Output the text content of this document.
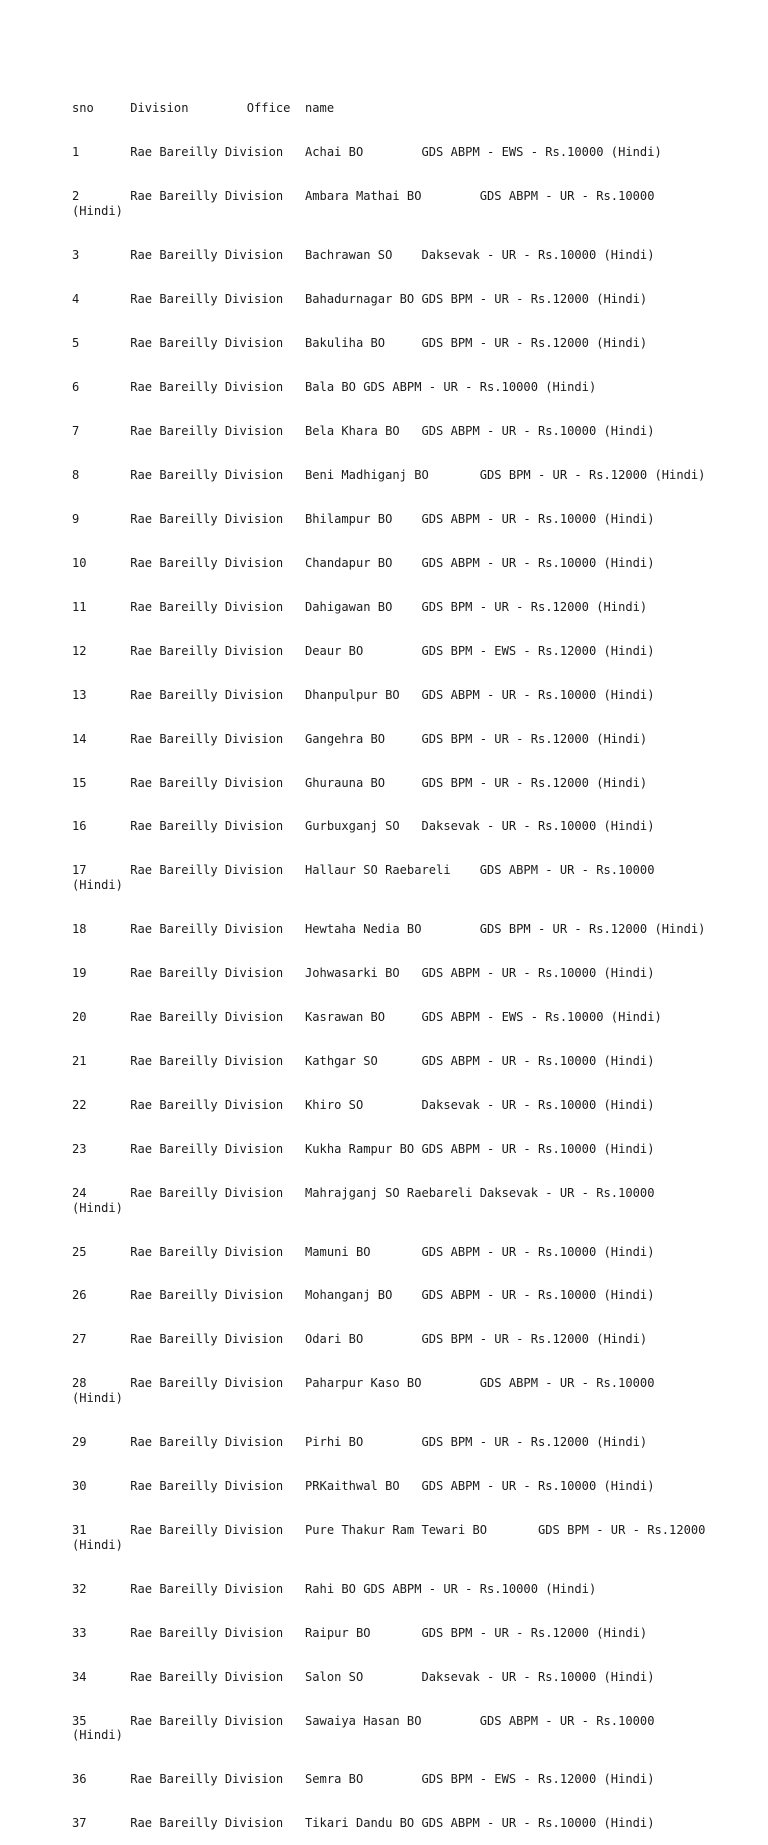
sno	Division	Office	name

1	Rae Bareilly Division	Achai BO	GDS ABPM - EWS - Rs.10000 (Hindi)

2	Rae Bareilly Division	Ambara Mathai BO	GDS ABPM - UR - Rs.10000 (Hindi)

3	Rae Bareilly Division	Bachrawan SO	Daksevak - UR - Rs.10000 (Hindi)

4	Rae Bareilly Division	Bahadurnagar BO	GDS BPM - UR - Rs.12000 (Hindi)

5	Rae Bareilly Division	Bakuliha BO	GDS BPM - UR - Rs.12000 (Hindi)

6	Rae Bareilly Division	Bala BO	GDS ABPM - UR - Rs.10000 (Hindi)

7	Rae Bareilly Division	Bela Khara BO	GDS ABPM - UR - Rs.10000 (Hindi)

8	Rae Bareilly Division	Beni Madhiganj BO	GDS BPM - UR - Rs.12000 (Hindi)

9	Rae Bareilly Division	Bhilampur BO	GDS ABPM - UR - Rs.10000 (Hindi)

10	Rae Bareilly Division	Chandapur BO	GDS ABPM - UR - Rs.10000 (Hindi)

11	Rae Bareilly Division	Dahigawan BO	GDS BPM - UR - Rs.12000 (Hindi)

12	Rae Bareilly Division	Deaur BO	GDS BPM - EWS - Rs.12000 (Hindi)

13	Rae Bareilly Division	Dhanpulpur BO	GDS ABPM - UR - Rs.10000 (Hindi)

14	Rae Bareilly Division	Gangehra BO	GDS BPM - UR - Rs.12000 (Hindi)

15	Rae Bareilly Division	Ghurauna BO	GDS BPM - UR - Rs.12000 (Hindi)

16	Rae Bareilly Division	Gurbuxganj SO	Daksevak - UR - Rs.10000 (Hindi)

17	Rae Bareilly Division	Hallaur SO Raebareli	GDS ABPM - UR - Rs.10000 (Hindi)

18	Rae Bareilly Division	Hewtaha Nedia BO	GDS BPM - UR - Rs.12000 (Hindi)

19	Rae Bareilly Division	Johwasarki BO	GDS ABPM - UR - Rs.10000 (Hindi)

20	Rae Bareilly Division	Kasrawan BO	GDS ABPM - EWS - Rs.10000 (Hindi)

21	Rae Bareilly Division	Kathgar SO	GDS ABPM - UR - Rs.10000 (Hindi)

22	Rae Bareilly Division	Khiro SO	Daksevak - UR - Rs.10000 (Hindi)

23	Rae Bareilly Division	Kukha Rampur BO	GDS ABPM - UR - Rs.10000 (Hindi)

24	Rae Bareilly Division	Mahrajganj SO Raebareli	Daksevak - UR - Rs.10000 (Hindi)

25	Rae Bareilly Division	Mamuni BO	GDS ABPM - UR - Rs.10000 (Hindi)

26	Rae Bareilly Division	Mohanganj BO	GDS ABPM - UR - Rs.10000 (Hindi)

27	Rae Bareilly Division	Odari BO	GDS BPM - UR - Rs.12000 (Hindi)

28	Rae Bareilly Division	Paharpur Kaso BO	GDS ABPM - UR - Rs.10000 (Hindi)

29	Rae Bareilly Division	Pirhi BO	GDS BPM - UR - Rs.12000 (Hindi)

30	Rae Bareilly Division	PRKaithwal BO	GDS ABPM - UR - Rs.10000 (Hindi)

31	Rae Bareilly Division	Pure Thakur Ram Tewari BO	GDS BPM - UR - Rs.12000 (Hindi)

32	Rae Bareilly Division	Rahi BO	GDS ABPM - UR - Rs.10000 (Hindi)

33	Rae Bareilly Division	Raipur BO	GDS BPM - UR - Rs.12000 (Hindi)

34	Rae Bareilly Division	Salon SO	Daksevak - UR - Rs.10000 (Hindi)

35	Rae Bareilly Division	Sawaiya Hasan BO	GDS ABPM - UR - Rs.10000 (Hindi)

36	Rae Bareilly Division	Semra BO	GDS BPM - EWS - Rs.12000 (Hindi)

37	Rae Bareilly Division	Tikari Dandu BO	GDS ABPM - UR - Rs.10000 (Hindi)
